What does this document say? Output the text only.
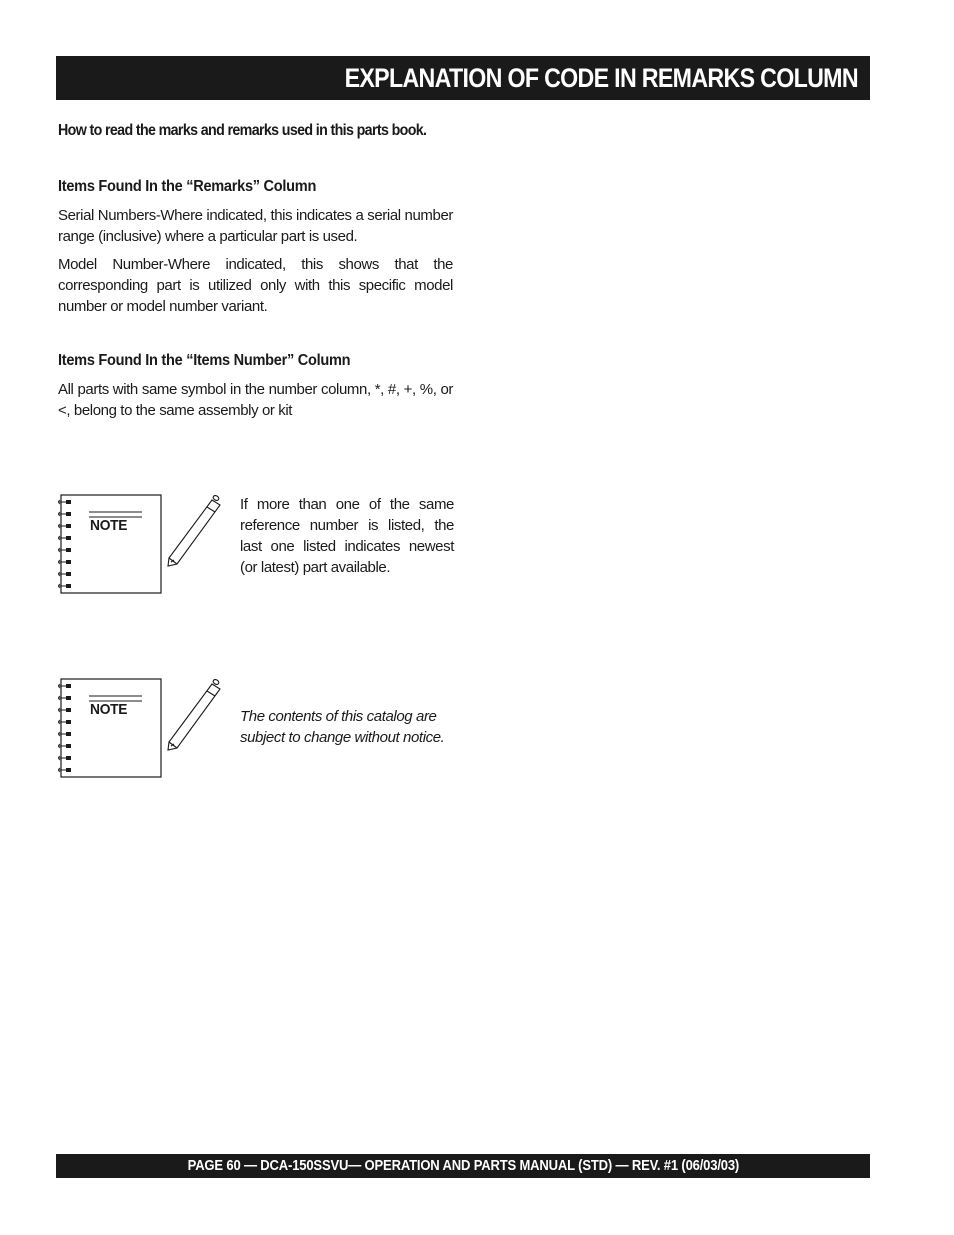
EXPLANATION OF CODE IN REMARKS COLUMN
How to read the marks and remarks used in this parts book.
Items Found In the “Remarks” Column

Serial Numbers-Where indicated, this indicates a serial number range (inclusive) where a particular part is used.

Model Number-Where indicated, this shows that the corresponding part is utilized only with this specific model number or model number variant.

Items Found In the “Items Number” Column

All parts with same symbol in the number column, *, #, +, %, or <, belong to the same assembly or kit

NOTE

If more than one of the same reference number is listed, the last one listed indicates newest (or latest) part available.

NOTE	The contents of this catalog are subject to change without notice.

PAGE 60 — DCA-150SSVU— OPERATION AND PARTS MANUAL (STD) — REV. #1 (06/03/03)
